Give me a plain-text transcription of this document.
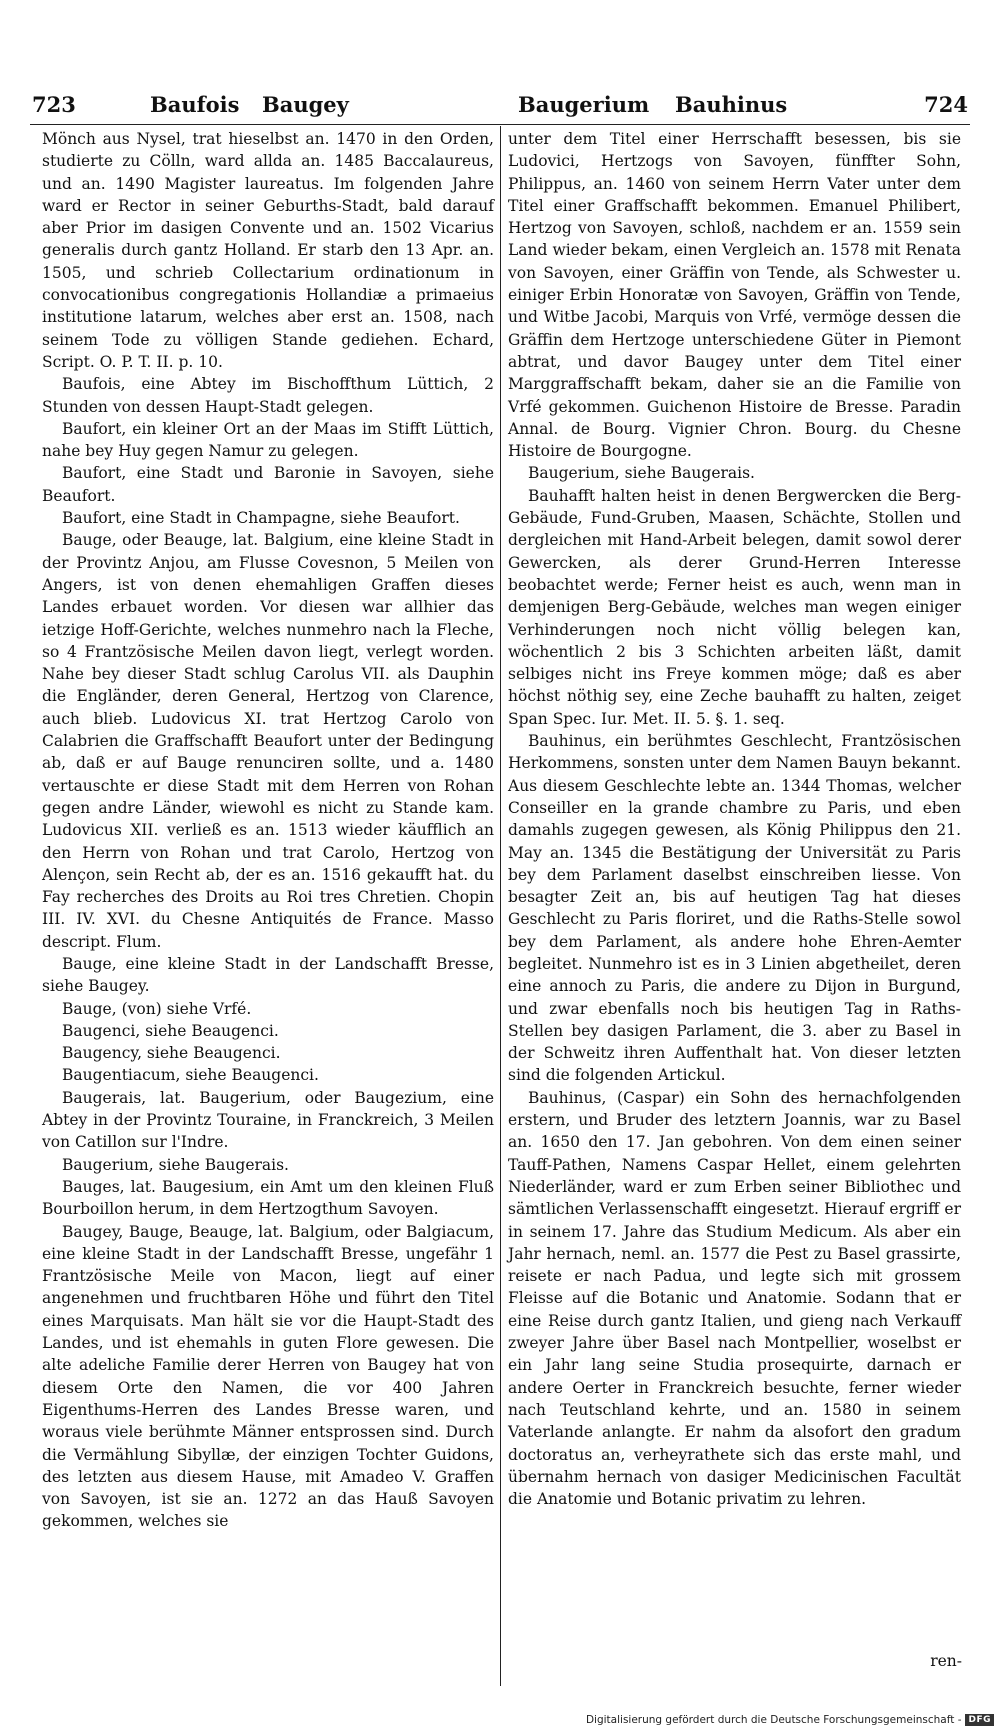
723	Baufois Baugey	Baugerium Bauhinus	724

Mönch aus Nysel, trat hieselbst an. 1470 in den Orden, studierte zu Cölln, ward allda an. 1485 Baccalaureus, und an. 1490 Magister laureatus. Im folgenden Jahre ward er Rector in seiner Geburths-Stadt, bald darauf aber Prior im dasigen Convente und an. 1502 Vicarius generalis durch gantz Holland. Er starb den 13 Apr. an. 1505, und schrieb Collectarium ordinationum in convocationibus congregationis Hollandiæ a primaeius institutione latarum, welches aber erst an. 1508, nach seinem Tode zu völligen Stande gediehen. Echard, Script. O. P. T. II. p. 10.

Baufois, eine Abtey im Bischoffthum Lüttich, 2 Stunden von dessen Haupt-Stadt gelegen.

Baufort, ein kleiner Ort an der Maas im Stifft Lüttich, nahe bey Huy gegen Namur zu gelegen.

Baufort, eine Stadt und Baronie in Savoyen, siehe Beaufort.

Baufort, eine Stadt in Champagne, siehe Beaufort.

Bauge, oder Beauge, lat. Balgium, eine kleine Stadt in der Provintz Anjou, am Flusse Covesnon, 5 Meilen von Angers, ist von denen ehemahligen Graffen dieses Landes erbauet worden. Vor diesen war allhier das ietzige Hoff-Gerichte, welches nunmehro nach la Fleche, so 4 Frantzösische Meilen davon liegt, verlegt worden. Nahe bey dieser Stadt schlug Carolus VII. als Dauphin die Engländer, deren General, Hertzog von Clarence, auch blieb. Ludovicus XI. trat Hertzog Carolo von Calabrien die Graffschafft Beaufort unter der Bedingung ab, daß er auf Bauge renunciren sollte, und a. 1480 vertauschte er diese Stadt mit dem Herren von Rohan gegen andre Länder, wiewohl es nicht zu Stande kam. Ludovicus XII. verließ es an. 1513 wieder käufflich an den Herrn von Rohan und trat Carolo, Hertzog von Alençon, sein Recht ab, der es an. 1516 gekaufft hat. du Fay recherches des Droits au Roi tres Chretien. Chopin III. IV. XVI. du Chesne Antiquités de France. Masso descript. Flum.

Bauge, eine kleine Stadt in der Landschafft Bresse, siehe Baugey.

Bauge, (von) siehe Vrfé.

Baugenci, siehe Beaugenci.

Baugency, siehe Beaugenci.

Baugentiacum, siehe Beaugenci.

Baugerais, lat. Baugerium, oder Baugezium, eine Abtey in der Provintz Touraine, in Franckreich, 3 Meilen von Catillon sur l'Indre.

Baugerium, siehe Baugerais.

Bauges, lat. Baugesium, ein Amt um den kleinen Fluß Bourboillon herum, in dem Hertzogthum Savoyen.

Baugey, Bauge, Beauge, lat. Balgium, oder Balgiacum, eine kleine Stadt in der Landschafft Bresse, ungefähr 1 Frantzösische Meile von Macon, liegt auf einer angenehmen und fruchtbaren Höhe und führt den Titel eines Marquisats. Man hält sie vor die Haupt-Stadt des Landes, und ist ehemahls in guten Flore gewesen. Die alte adeliche Familie derer Herren von Baugey hat von diesem Orte den Namen, die vor 400 Jahren Eigenthums-Herren des Landes Bresse waren, und woraus viele berühmte Männer entsprossen sind. Durch die Vermählung Sibyllæ, der einzigen Tochter Guidons, des letzten aus diesem Hause, mit Amadeo V. Graffen von Savoyen, ist sie an. 1272 an das Hauß Savoyen gekommen, welches sie

unter dem Titel einer Herrschafft besessen, bis sie Ludovici, Hertzogs von Savoyen, fünffter Sohn, Philippus, an. 1460 von seinem Herrn Vater unter dem Titel einer Graffschafft bekommen. Emanuel Philibert, Hertzog von Savoyen, schloß, nachdem er an. 1559 sein Land wieder bekam, einen Vergleich an. 1578 mit Renata von Savoyen, einer Gräffin von Tende, als Schwester u. einiger Erbin Honoratæ von Savoyen, Gräffin von Tende, und Witbe Jacobi, Marquis von Vrfé, vermöge dessen die Gräffin dem Hertzoge unterschiedene Güter in Piemont abtrat, und davor Baugey unter dem Titel einer Marggraffschafft bekam, daher sie an die Familie von Vrfé gekommen. Guichenon Histoire de Bresse. Paradin Annal. de Bourg. Vignier Chron. Bourg. du Chesne Histoire de Bourgogne.

Baugerium, siehe Baugerais.

Bauhafft halten heist in denen Bergwercken die Berg-Gebäude, Fund-Gruben, Maasen, Schächte, Stollen und dergleichen mit Hand-Arbeit belegen, damit sowol derer Gewercken, als derer Grund-Herren Interesse beobachtet werde; Ferner heist es auch, wenn man in demjenigen Berg-Gebäude, welches man wegen einiger Verhinderungen noch nicht völlig belegen kan, wöchentlich 2 bis 3 Schichten arbeiten läßt, damit selbiges nicht ins Freye kommen möge; daß es aber höchst nöthig sey, eine Zeche bauhafft zu halten, zeiget Span Spec. Iur. Met. II. 5. §. 1. seq.

Bauhinus, ein berühmtes Geschlecht, Frantzösischen Herkommens, sonsten unter dem Namen Bauyn bekannt. Aus diesem Geschlechte lebte an. 1344 Thomas, welcher Conseiller en la grande chambre zu Paris, und eben damahls zugegen gewesen, als König Philippus den 21. May an. 1345 die Bestätigung der Universität zu Paris bey dem Parlament daselbst einschreiben liesse. Von besagter Zeit an, bis auf heutigen Tag hat dieses Geschlecht zu Paris floriret, und die Raths-Stelle sowol bey dem Parlament, als andere hohe Ehren-Aemter begleitet. Nunmehro ist es in 3 Linien abgetheilet, deren eine annoch zu Paris, die andere zu Dijon in Burgund, und zwar ebenfalls noch bis heutigen Tag in Raths-Stellen bey dasigen Parlament, die 3. aber zu Basel in der Schweitz ihren Auffenthalt hat. Von dieser letzten sind die folgenden Artickul.

Bauhinus, (Caspar) ein Sohn des hernachfolgenden erstern, und Bruder des letztern Joannis, war zu Basel an. 1650 den 17. Jan gebohren. Von dem einen seiner Tauff-Pathen, Namens Caspar Hellet, einem gelehrten Niederländer, ward er zum Erben seiner Bibliothec und sämtlichen Verlassenschafft eingesetzt. Hierauf ergriff er in seinem 17. Jahre das Studium Medicum. Als aber ein Jahr hernach, neml. an. 1577 die Pest zu Basel grassirte, reisete er nach Padua, und legte sich mit grossem Fleisse auf die Botanic und Anatomie. Sodann that er eine Reise durch gantz Italien, und gieng nach Verkauff zweyer Jahre über Basel nach Montpellier, woselbst er ein Jahr lang seine Studia prosequirte, darnach er andere Oerter in Franckreich besuchte, ferner wieder nach Teutschland kehrte, und an. 1580 in seinem Vaterlande anlangte. Er nahm da alsofort den gradum doctoratus an, verheyrathete sich das erste mahl, und übernahm hernach von dasiger Medicinischen Facultät die Anatomie und Botanic privatim zu lehren.

ren-
Digitalisierung gefördert durch die Deutsche Forschungsgemeinschaft - DFG
